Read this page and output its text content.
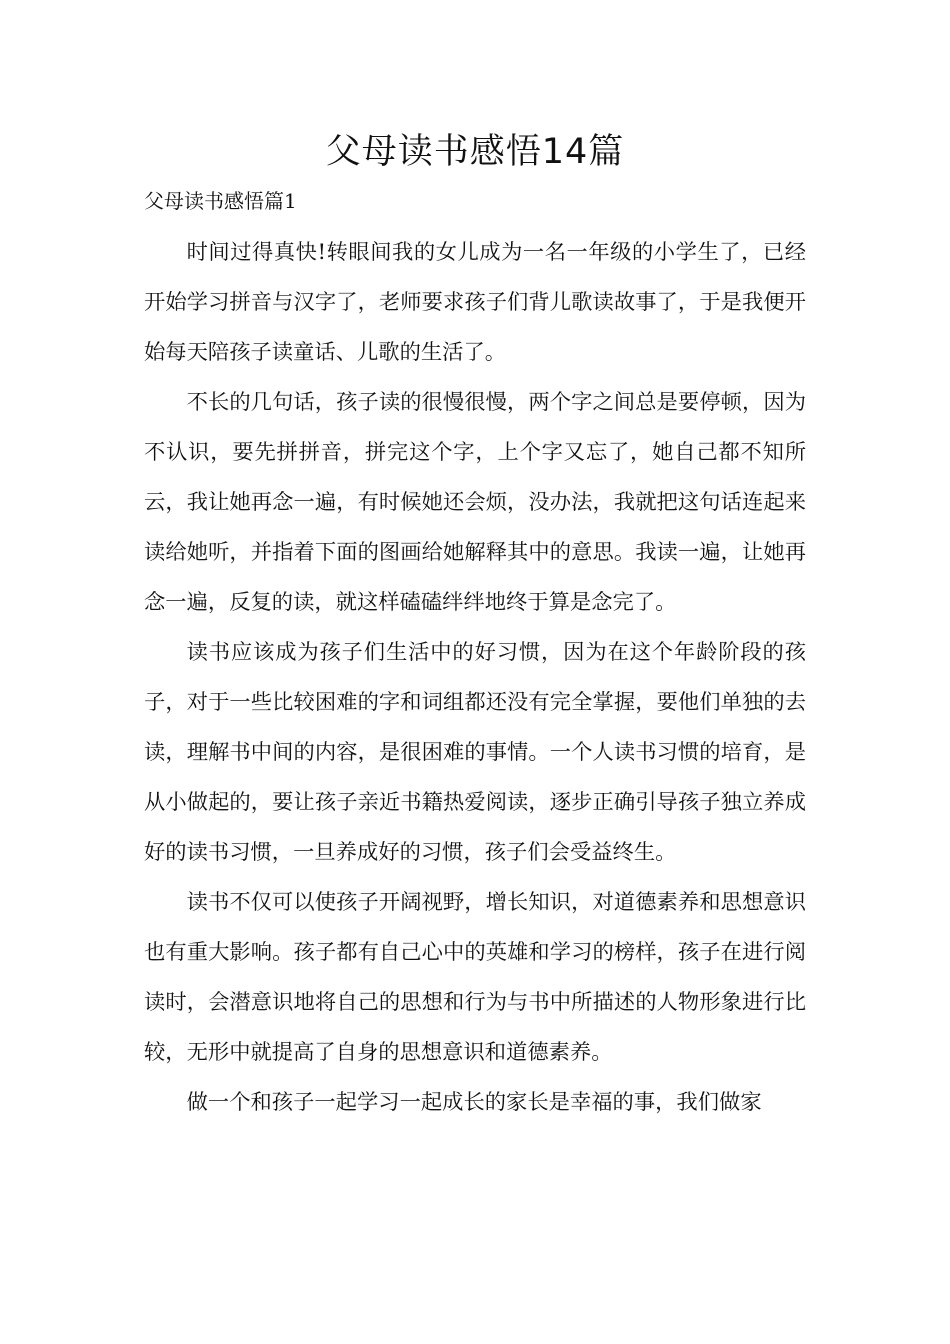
父母读书感悟14篇
父母读书感悟篇1

时间过得真快!转眼间我的女儿成为一名一年级的小学生了，已经开始学习拼音与汉字了，老师要求孩子们背儿歌读故事了，于是我便开始每天陪孩子读童话、儿歌的生活了。

不长的几句话，孩子读的很慢很慢，两个字之间总是要停顿，因为不认识，要先拼拼音，拼完这个字，上个字又忘了，她自己都不知所云，我让她再念一遍，有时候她还会烦，没办法，我就把这句话连起来读给她听，并指着下面的图画给她解释其中的意思。我读一遍，让她再念一遍，反复的读，就这样磕磕绊绊地终于算是念完了。

读书应该成为孩子们生活中的好习惯，因为在这个年龄阶段的孩子，对于一些比较困难的字和词组都还没有完全掌握，要他们单独的去读，理解书中间的内容，是很困难的事情。一个人读书习惯的培育，是从小做起的，要让孩子亲近书籍热爱阅读，逐步正确引导孩子独立养成好的读书习惯，一旦养成好的习惯，孩子们会受益终生。

读书不仅可以使孩子开阔视野，增长知识，对道德素养和思想意识也有重大影响。孩子都有自己心中的英雄和学习的榜样，孩子在进行阅读时，会潜意识地将自己的思想和行为与书中所描述的人物形象进行比较，无形中就提高了自身的思想意识和道德素养。

做一个和孩子一起学习一起成长的家长是幸福的事，我们做家
